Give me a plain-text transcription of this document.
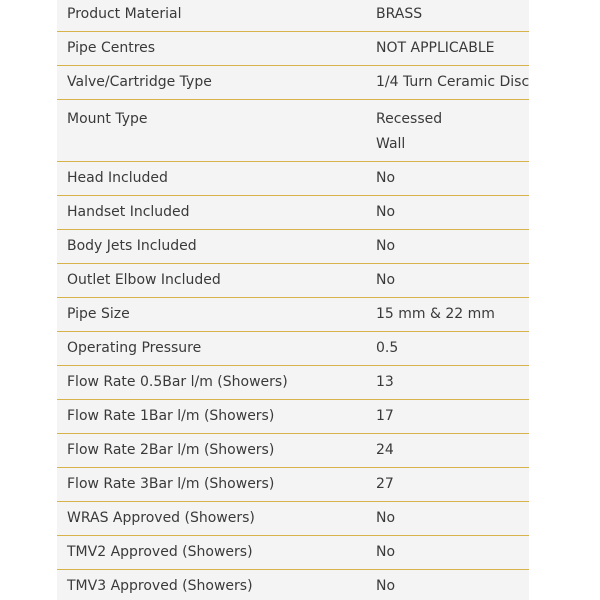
Product Material	BRASS

Pipe Centres	NOT APPLICABLE

Valve/Cartridge Type	1/4 Turn Ceramic Disc

Mount Type	Recessed
Wall

Head Included	No

Handset Included	No

Body Jets Included	No

Outlet Elbow Included	No

Pipe Size	15 mm & 22 mm

Operating Pressure	0.5

Flow Rate 0.5Bar l/m (Showers)	13

Flow Rate 1Bar l/m (Showers)	17

Flow Rate 2Bar l/m (Showers)	24

Flow Rate 3Bar l/m (Showers)	27

WRAS Approved (Showers)	No

TMV2 Approved (Showers)	No

TMV3 Approved (Showers)	No
